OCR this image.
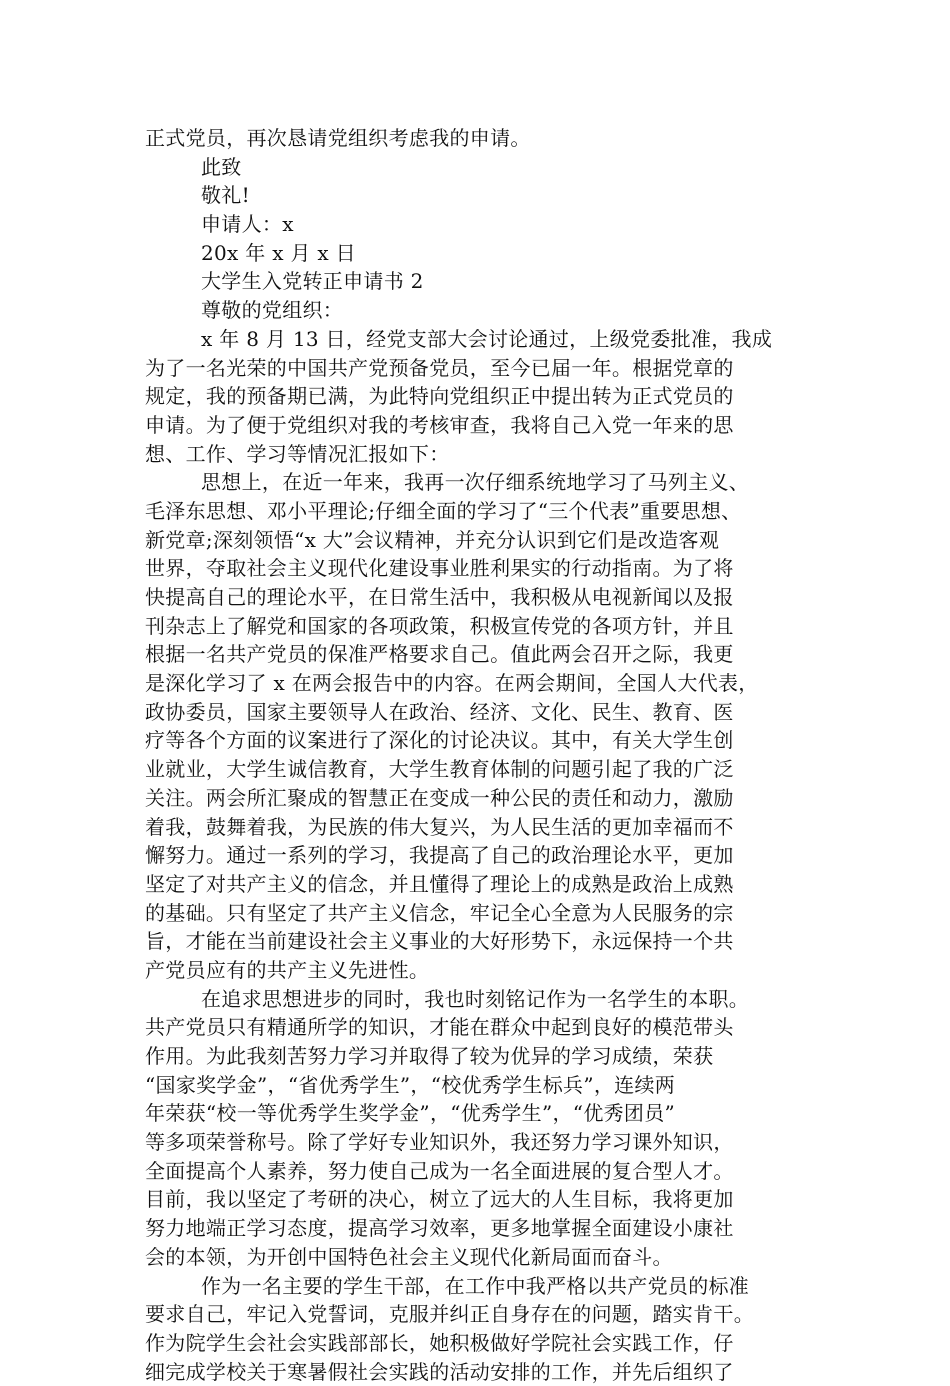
正式党员，再次恳请党组织考虑我的申请。
此致
敬礼!
申请人：x
20x 年 x 月 x 日
大学生入党转正申请书 2
尊敬的党组织：
x 年 8 月 13 日，经党支部大会讨论通过，上级党委批准，我成
为了一名光荣的中国共产党预备党员，至今已届一年。根据党章的
规定，我的预备期已满，为此特向党组织正中提出转为正式党员的
申请。为了便于党组织对我的考核审查，我将自己入党一年来的思
想、工作、学习等情况汇报如下：
思想上，在近一年来，我再一次仔细系统地学习了马列主义、
毛泽东思想、邓小平理论;仔细全面的学习了“三个代表”重要思想、
新党章;深刻领悟“x 大”会议精神，并充分认识到它们是改造客观
世界，夺取社会主义现代化建设事业胜利果实的行动指南。为了将
快提高自己的理论水平，在日常生活中，我积极从电视新闻以及报
刊杂志上了解党和国家的各项政策，积极宣传党的各项方针，并且
根据一名共产党员的保准严格要求自己。值此两会召开之际，我更
是深化学习了 x 在两会报告中的内容。在两会期间，全国人大代表，
政协委员，国家主要领导人在政治、经济、文化、民生、教育、医
疗等各个方面的议案进行了深化的讨论决议。其中，有关大学生创
业就业，大学生诚信教育，大学生教育体制的问题引起了我的广泛
关注。两会所汇聚成的智慧正在变成一种公民的责任和动力，激励
着我，鼓舞着我，为民族的伟大复兴，为人民生活的更加幸福而不
懈努力。通过一系列的学习，我提高了自己的政治理论水平，更加
坚定了对共产主义的信念，并且懂得了理论上的成熟是政治上成熟
的基础。只有坚定了共产主义信念，牢记全心全意为人民服务的宗
旨，才能在当前建设社会主义事业的大好形势下，永远保持一个共
产党员应有的共产主义先进性。
在追求思想进步的同时，我也时刻铭记作为一名学生的本职。
共产党员只有精通所学的知识，才能在群众中起到良好的模范带头
作用。为此我刻苦努力学习并取得了较为优异的学习成绩，荣获
“国家奖学金”，“省优秀学生”，“校优秀学生标兵”，连续两
年荣获“校一等优秀学生奖学金”，“优秀学生”，“优秀团员”
等多项荣誉称号。除了学好专业知识外，我还努力学习课外知识，
全面提高个人素养，努力使自己成为一名全面进展的复合型人才。
目前，我以坚定了考研的决心，树立了远大的人生目标，我将更加
努力地端正学习态度，提高学习效率，更多地掌握全面建设小康社
会的本领，为开创中国特色社会主义现代化新局面而奋斗。
作为一名主要的学生干部，在工作中我严格以共产党员的标准
要求自己，牢记入党誓词，克服并纠正自身存在的问题，踏实肯干。
作为院学生会社会实践部部长，她积极做好学院社会实践工作，仔
细完成学校关于寒暑假社会实践的活动安排的工作，并先后组织了
